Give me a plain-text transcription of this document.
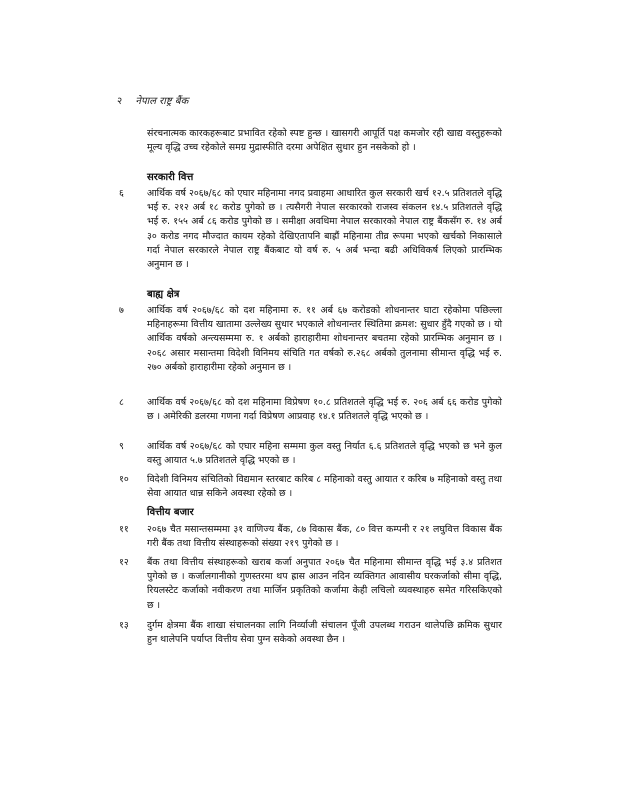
२ नेपाल राष्ट्र बैंक

संरचनात्मक कारकहरूबाट प्रभावित रहेको स्पष्ट हुन्छ । खासगरी आपूर्ति पक्ष कमजोर रही खाद्य वस्तुहरूको मूल्य वृद्धि उच्च रहेकोले समग्र मुद्रास्फीति दरमा अपेक्षित सुधार हुन नसकेको हो ।

सरकारी वित्त
६ आर्थिक वर्ष २०६७/६८ को एघार महिनामा नगद प्रवाहमा आधारित कुल सरकारी खर्च १२.५ प्रतिशतले वृद्धि भई रु. २१२ अर्ब १८ करोड पुगेको छ । त्यसैगरी नेपाल सरकारको राजस्व संकलन १४.५ प्रतिशतले वृद्धि भई रु. १५५ अर्ब ८६ करोड पुगेको छ । समीक्षा अवधिमा नेपाल सरकारको नेपाल राष्ट्र बैंकसँग रु. १४ अर्ब ३० करोड नगद मौज्दात कायम रहेको देखिएतापनि बाह्रौं महिनामा तीव्र रूपमा भएको खर्चको निकासाले गर्दा नेपाल सरकारले नेपाल राष्ट्र बैंकबाट यो वर्ष रु. ५ अर्ब भन्दा बढी अधिविकर्ष लिएको प्रारम्भिक अनुमान छ ।

बाह्य क्षेत्र
७ आर्थिक वर्ष २०६७/६८ को दश महिनामा रु. ११ अर्ब ६७ करोडको शोधनान्तर घाटा रहेकोमा पछिल्ला महिनाहरूमा वित्तीय खातामा उल्लेख्य सुधार भएकाले शोधनान्तर स्थितिमा क्रमश: सुधार हुँदै गएको छ । यो आर्थिक वर्षको अन्त्यसम्ममा रु. १ अर्बको हाराहारीमा शोधनान्तर बचतमा रहेको प्रारम्भिक अनुमान छ । २०६८ असार मसान्तमा विदेशी विनिमय संचिति गत वर्षको रु.२६८ अर्बको तुलनामा सीमान्त वृद्धि भई रु. २७० अर्बको हाराहारीमा रहेको अनुमान छ ।

८ आर्थिक वर्ष २०६७/६८ को दश महिनामा विप्रेषण १०.८ प्रतिशतले वृद्धि भई रु. २०६ अर्ब ६६ करोड पुगेको छ । अमेरिकी डलरमा गणना गर्दा विप्रेषण आप्रवाह १४.१ प्रतिशतले वृद्धि भएको छ ।

९ आर्थिक वर्ष २०६७/६८ को एघार महिना सम्ममा कुल वस्तु निर्यात ६.६ प्रतिशतले वृद्धि भएको छ भने कुल वस्तु आयात ५.७ प्रतिशतले वृद्धि भएको छ ।

१० विदेशी विनिमय संचितिको विद्यमान स्तरबाट करिब ८ महिनाको वस्तु आयात र करिब ७ महिनाको वस्तु तथा सेवा आयात धान्न सकिने अवस्था रहेको छ ।

वित्तीय बजार
११ २०६७ चैत मसान्तसम्ममा ३१ वाणिज्य बैंक, ८७ विकास बैंक, ८० वित्त कम्पनी र २१ लघुवित्त विकास बैंक गरी बैंक तथा वित्तीय संस्थाहरूको संख्या २१९ पुगेको छ ।

१२ बैंक तथा वित्तीय संस्थाहरूको खराब कर्जा अनुपात २०६७ चैत महिनामा सीमान्त वृद्धि भई ३.४ प्रतिशत पुगेको छ । कर्जालगानीको गुणस्तरमा थप ह्रास आउन नदिन व्यक्तिगत आवासीय घरकर्जाको सीमा वृद्धि, रियलस्टेट कर्जाको नवीकरण तथा मार्जिन प्रकृतिको कर्जामा केही लचिलो व्यवस्थाहरु समेत गरिसकिएको छ ।

१३ दुर्गम क्षेत्रमा बैंक शाखा संचालनका लागि निर्व्याजी संचालन पूँजी उपलब्ध गराउन थालेपछि क्रमिक सुधार हुन थालेपनि पर्याप्त वित्तीय सेवा पुग्न सकेको अवस्था छैन ।
